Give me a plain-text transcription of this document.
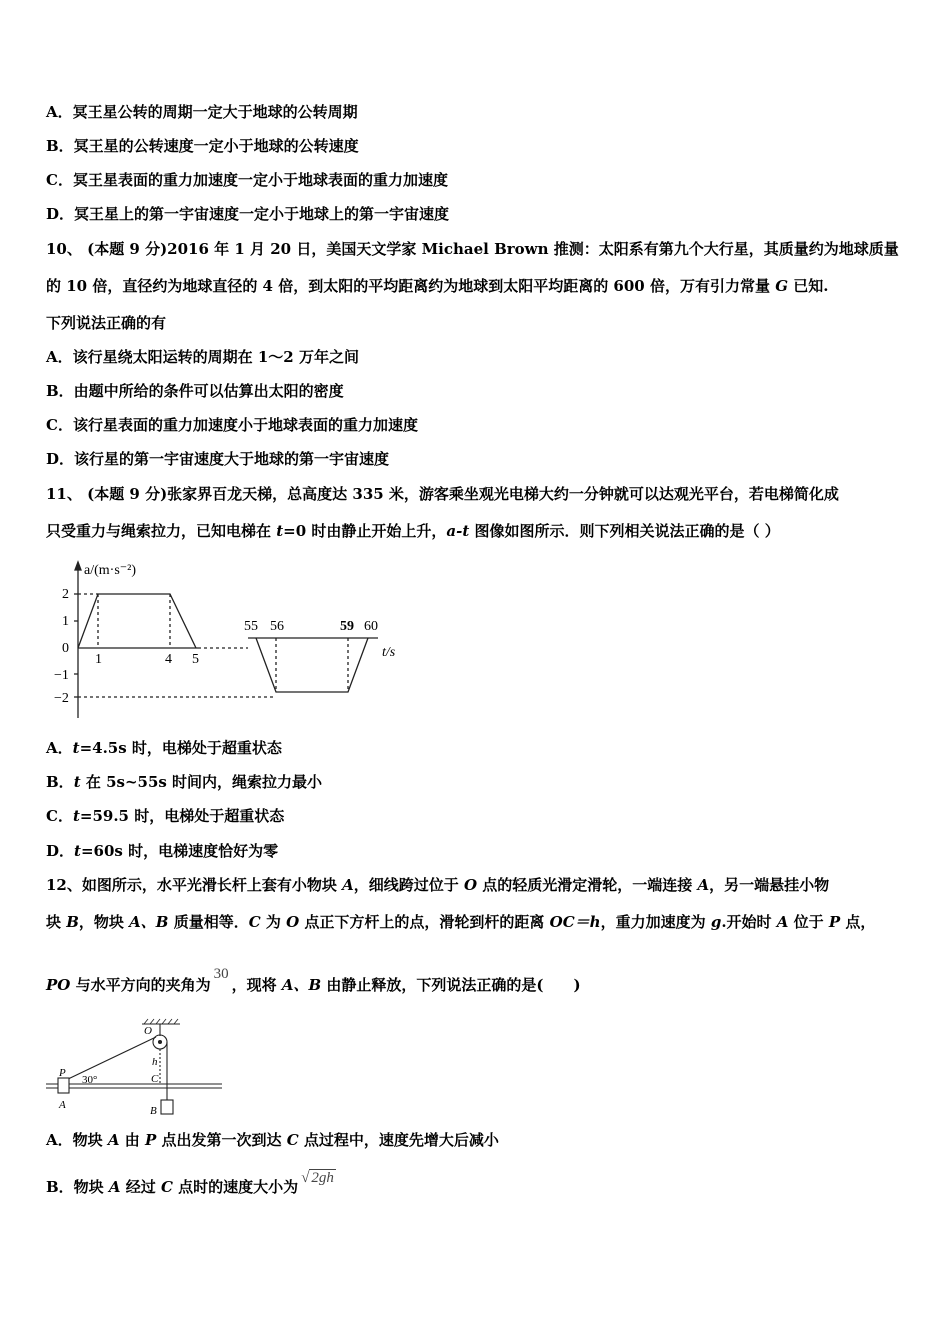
A．冥王星公转的周期一定大于地球的公转周期
B．冥王星的公转速度一定小于地球的公转速度
C．冥王星表面的重力加速度一定小于地球表面的重力加速度
D．冥王星上的第一宇宙速度一定小于地球上的第一宇宙速度
10、 (本题 9 分)2016 年 1 月 20 日，美国天文学家 Michael Brown 推测：太阳系有第九个大行星，其质量约为地球质量
的 10 倍，直径约为地球直径的 4 倍，到太阳的平均距离约为地球到太阳平均距离的 600 倍，万有引力常量 G 已知.
下列说法正确的有
A．该行星绕太阳运转的周期在 1～2 万年之间
B．由题中所给的条件可以估算出太阳的密度
C．该行星表面的重力加速度小于地球表面的重力加速度
D．该行星的第一宇宙速度大于地球的第一宇宙速度
11、 (本题 9 分)张家界百龙天梯，总高度达 335 米，游客乘坐观光电梯大约一分钟就可以达观光平台，若电梯简化成
只受重力与绳索拉力，已知电梯在 t=0 时由静止开始上升，a-t 图像如图所示．则下列相关说法正确的是（ ）
a/(m·s⁻²)
2
1
0
−1
−2
1	4 5
55 56	59 60
t/s
A．t=4.5s 时，电梯处于超重状态
B．t 在 5s~55s 时间内，绳索拉力最小
C．t=59.5 时，电梯处于超重状态
D．t=60s 时，电梯速度恰好为零
12、如图所示，水平光滑长杆上套有小物块 A，细线跨过位于 O 点的轻质光滑定滑轮，一端连接 A，另一端悬挂小物
块 B，物块 A、B 质量相等．C 为 O 点正下方杆上的点，滑轮到杆的距离 OC＝h，重力加速度为 g.开始时 A 位于 P 点，
PO 与水平方向的夹角为30，现将 A、B 由静止释放，下列说法正确的是(　　)
O
P
A
h
C
B
30°
A．物块 A 由 P 点出发第一次到达 C 点过程中，速度先增大后减小
B．物块 A 经过 C 点时的速度大小为 √ 2gh
